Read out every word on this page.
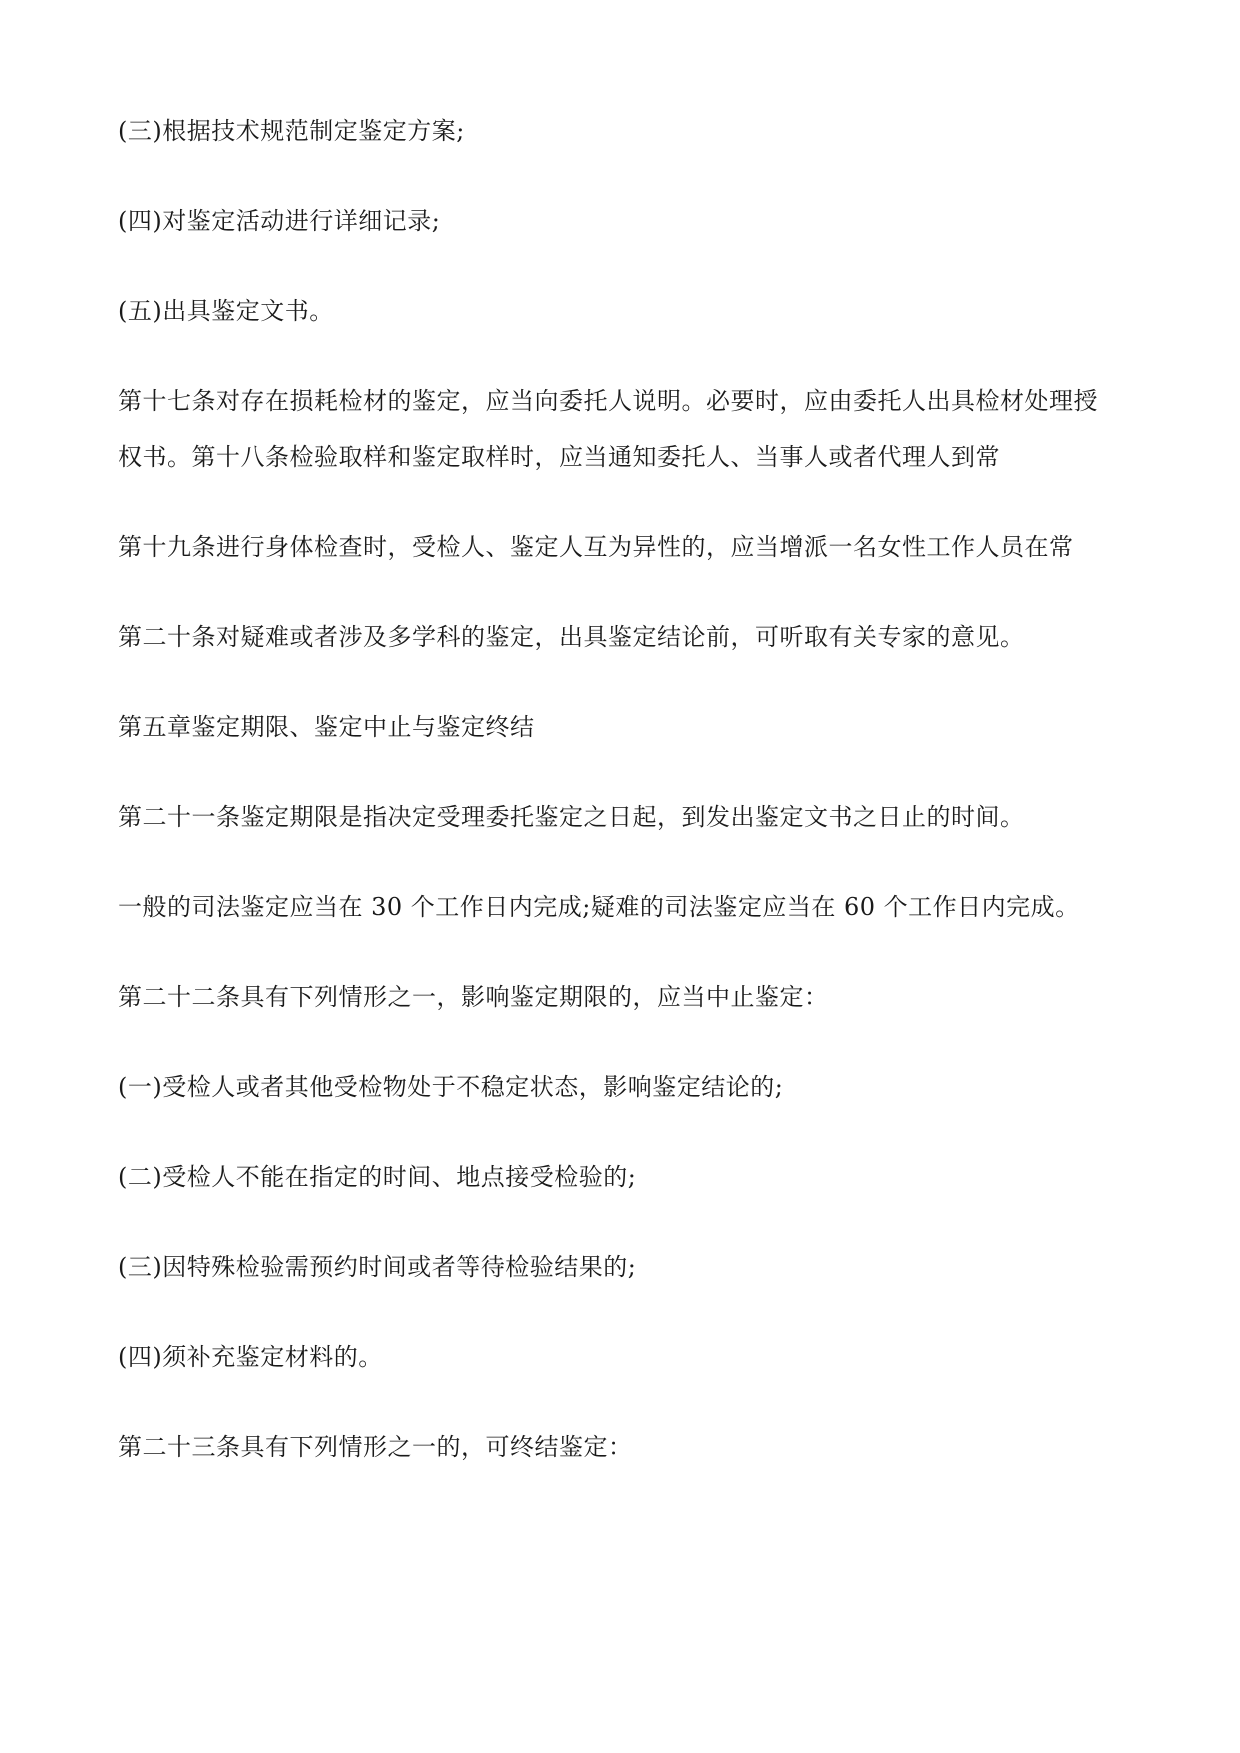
(三)根据技术规范制定鉴定方案;
(四)对鉴定活动进行详细记录;
(五)出具鉴定文书。
第十七条对存在损耗检材的鉴定，应当向委托人说明。必要时，应由委托人出具检材处理授
权书。第十八条检验取样和鉴定取样时，应当通知委托人、当事人或者代理人到常
第十九条进行身体检查时，受检人、鉴定人互为异性的，应当增派一名女性工作人员在常
第二十条对疑难或者涉及多学科的鉴定，出具鉴定结论前，可听取有关专家的意见。
第五章鉴定期限、鉴定中止与鉴定终结
第二十一条鉴定期限是指决定受理委托鉴定之日起，到发出鉴定文书之日止的时间。
一般的司法鉴定应当在 30 个工作日内完成;疑难的司法鉴定应当在 60 个工作日内完成。
第二十二条具有下列情形之一，影响鉴定期限的，应当中止鉴定：
(一)受检人或者其他受检物处于不稳定状态，影响鉴定结论的;
(二)受检人不能在指定的时间、地点接受检验的;
(三)因特殊检验需预约时间或者等待检验结果的;
(四)须补充鉴定材料的。
第二十三条具有下列情形之一的，可终结鉴定：
